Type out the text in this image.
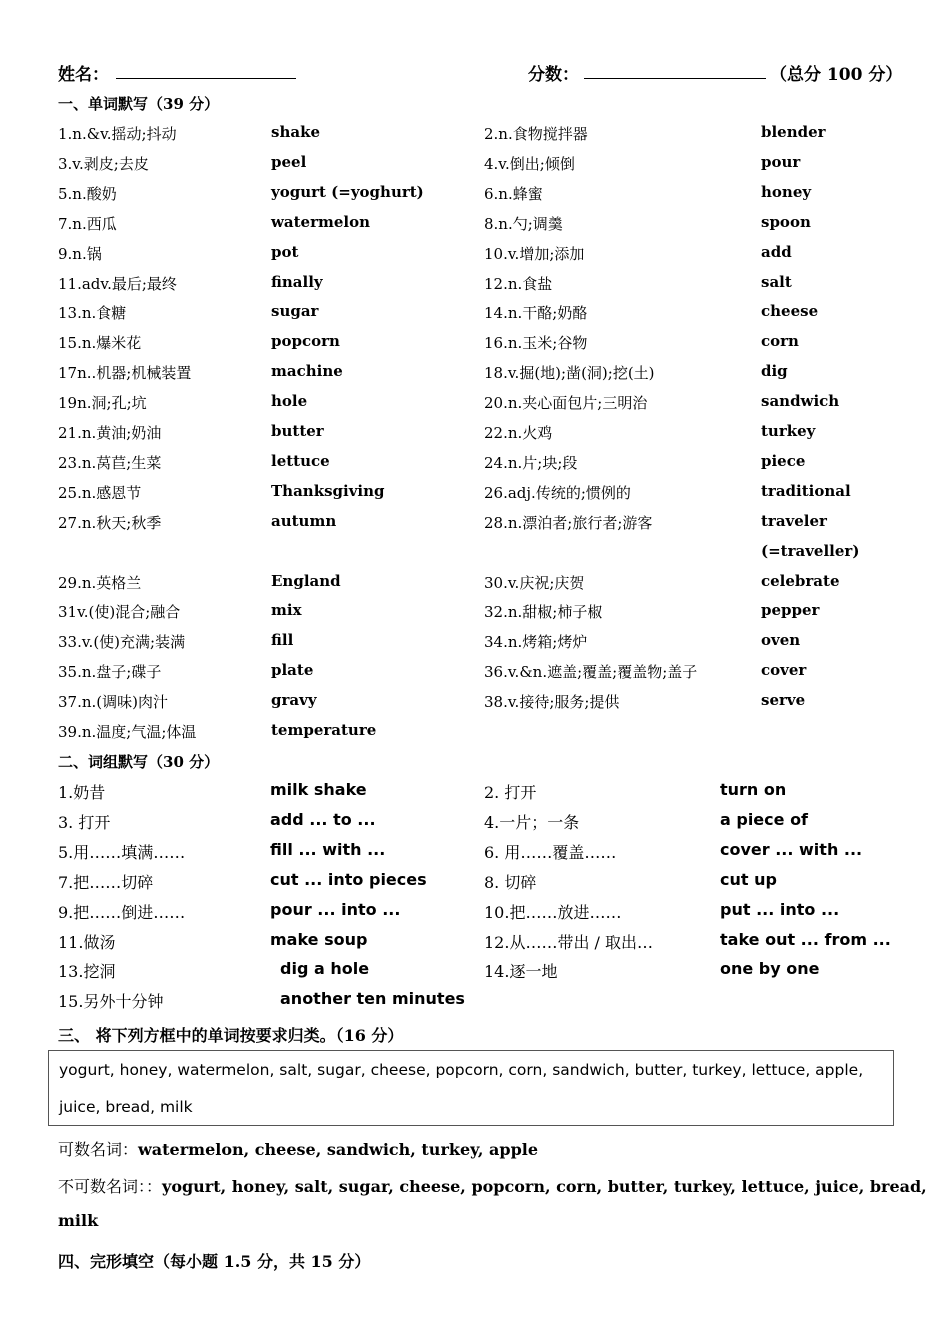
姓名：	分数：	（总分 100 分）
一、单词默写（39 分）
1.n.&v.摇动;抖动	shake	2.n.食物搅拌器	blender
3.v.剥皮;去皮	peel	4.v.倒出;倾倒	pour
5.n.酸奶	yogurt (=yoghurt)	6.n.蜂蜜	honey
7.n.西瓜	watermelon	8.n.勺;调羹	spoon
9.n.锅	pot	10.v.增加;添加	add
11.adv.最后;最终	finally	12.n.食盐	salt
13.n.食糖	sugar	14.n.干酪;奶酪	cheese
15.n.爆米花	popcorn	16.n.玉米;谷物	corn
17n..机器;机械装置	machine	18.v.掘(地);凿(洞);挖(土)	dig
19n.洞;孔;坑	hole	20.n.夹心面包片;三明治	sandwich
21.n.黄油;奶油	butter	22.n.火鸡	turkey
23.n.莴苣;生菜	lettuce	24.n.片;块;段	piece
25.n.感恩节	Thanksgiving	26.adj.传统的;惯例的	traditional
27.n.秋天;秋季	autumn	28.n.漂泊者;旅行者;游客	traveler
(=traveller)
29.n.英格兰	England	30.v.庆祝;庆贺	celebrate
31v.(使)混合;融合	mix	32.n.甜椒;柿子椒	pepper
33.v.(使)充满;装满	fill	34.n.烤箱;烤炉	oven
35.n.盘子;碟子	plate	36.v.&n.遮盖;覆盖;覆盖物;盖子	cover
37.n.(调味)肉汁	gravy	38.v.接待;服务;提供	serve
39.n.温度;气温;体温	temperature
二、词组默写（30 分）
1.奶昔	milk shake	2. 打开	turn on
3. 打开	add ... to ...	4.一片；一条	a piece of
5.用……填满……	fill ... with ...	6. 用……覆盖……	cover ... with ...
7.把……切碎	cut ... into pieces	8. 切碎	cut up
9.把……倒进……	pour ... into ...	10.把……放进……	put ... into ...
11.做汤	make soup	12.从……带出 / 取出…	take out ... from ...
13.挖洞	dig a hole	14.逐一地	one by one
15.另外十分钟	another ten minutes
三、 将下列方框中的单词按要求归类。（16 分）
yogurt, honey, watermelon, salt, sugar, cheese, popcorn, corn, sandwich, butter, turkey, lettuce, apple,
juice, bread, milk
可数名词：watermelon, cheese, sandwich, turkey, apple
不可数名词：：yogurt, honey, salt, sugar, cheese, popcorn, corn, butter, turkey, lettuce, juice, bread,
milk
四、完形填空（每小题 1.5 分，共 15 分）
